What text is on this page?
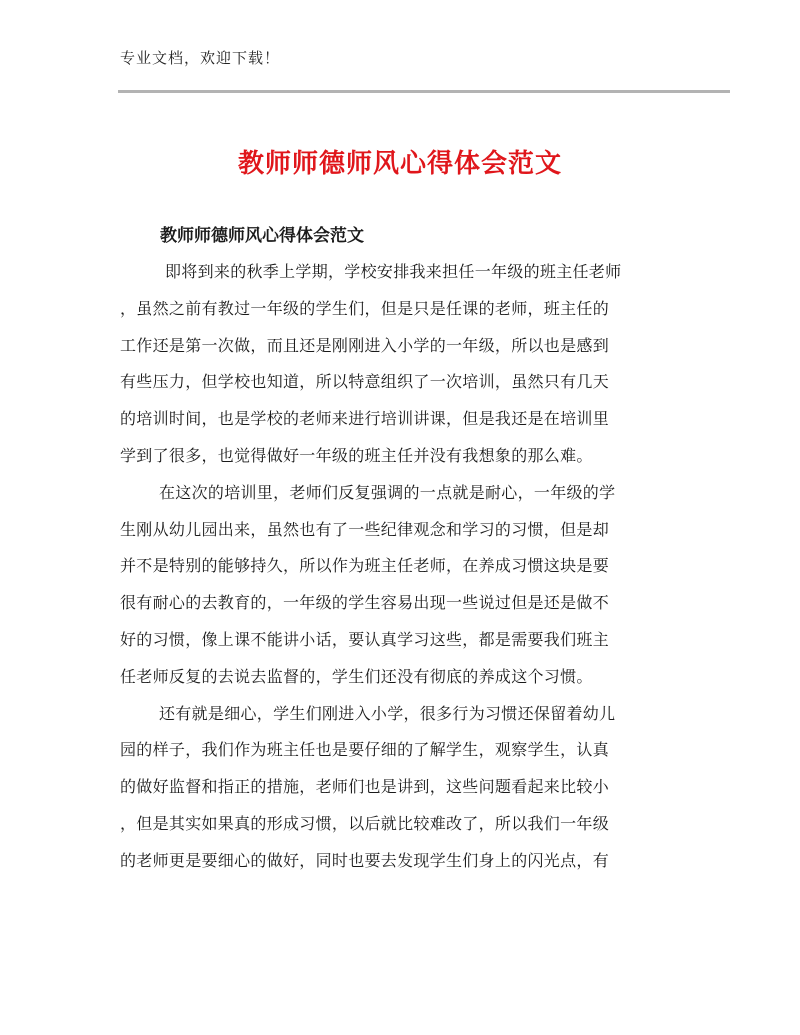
专业文档，欢迎下载！
教师师德师风心得体会范文
教师师德师风心得体会范文
即将到来的秋季上学期，学校安排我来担任一年级的班主任老师
，虽然之前有教过一年级的学生们，但是只是任课的老师，班主任的
工作还是第一次做，而且还是刚刚进入小学的一年级，所以也是感到
有些压力，但学校也知道，所以特意组织了一次培训，虽然只有几天
的培训时间，也是学校的老师来进行培训讲课，但是我还是在培训里
学到了很多，也觉得做好一年级的班主任并没有我想象的那么难。
在这次的培训里，老师们反复强调的一点就是耐心，一年级的学
生刚从幼儿园出来，虽然也有了一些纪律观念和学习的习惯，但是却
并不是特别的能够持久，所以作为班主任老师，在养成习惯这块是要
很有耐心的去教育的，一年级的学生容易出现一些说过但是还是做不
好的习惯，像上课不能讲小话，要认真学习这些，都是需要我们班主
任老师反复的去说去监督的，学生们还没有彻底的养成这个习惯。
还有就是细心，学生们刚进入小学，很多行为习惯还保留着幼儿
园的样子，我们作为班主任也是要仔细的了解学生，观察学生，认真
的做好监督和指正的措施，老师们也是讲到，这些问题看起来比较小
，但是其实如果真的形成习惯，以后就比较难改了，所以我们一年级
的老师更是要细心的做好，同时也要去发现学生们身上的闪光点，有
